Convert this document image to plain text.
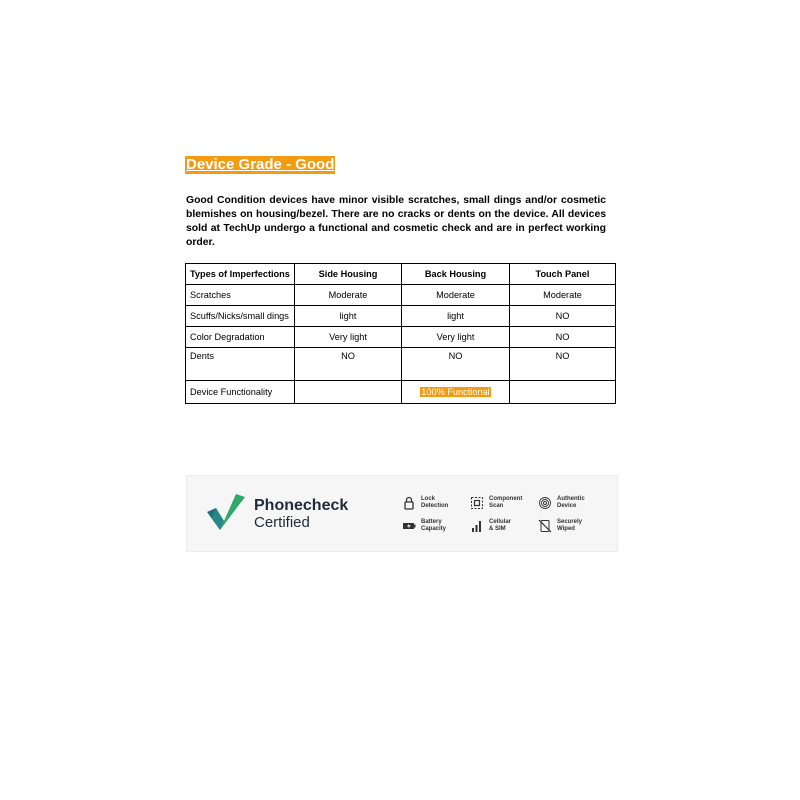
Device Grade - Good
Good Condition devices have minor visible scratches, small dings and/or cosmetic blemishes on housing/bezel. There are no cracks or dents on the device. All devices sold at TechUp undergo a functional and cosmetic check and are in perfect working order.
Types of Imperfections	Side Housing	Back Housing	Touch Panel
Scratches	Moderate	Moderate	Moderate
Scuffs/Nicks/small dings	light	light	NO
Color Degradation	Very light	Very light	NO
Dents	NO	NO	NO
Device Functionality		100% Functional	
Phonecheck
Certified
Lock
Detection
Component
Scan
Authentic
Device
Battery
Capacity
Cellular
& SIM
Securely
Wiped
